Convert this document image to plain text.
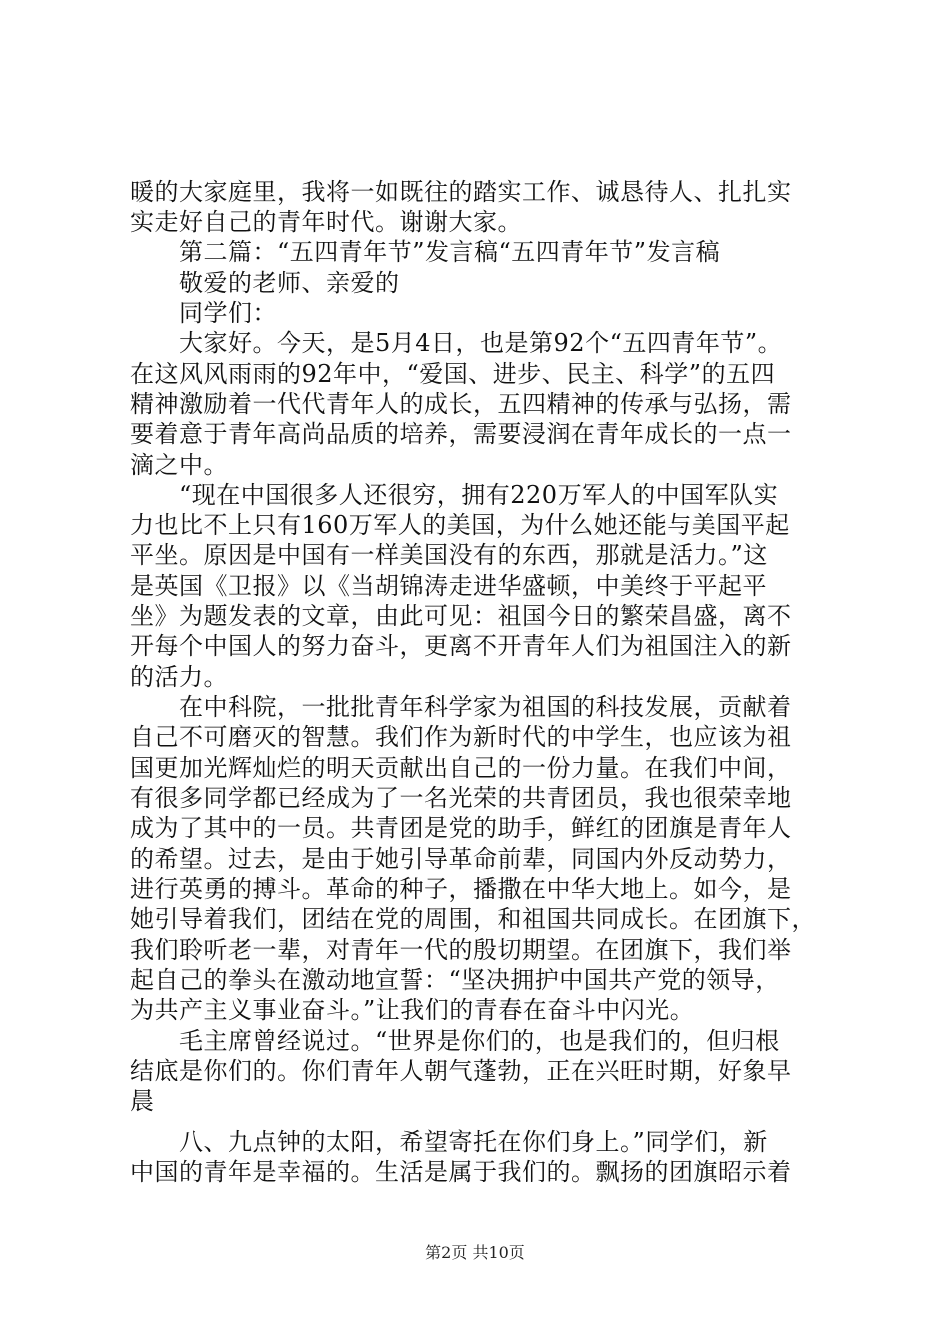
暖的大家庭里，我将一如既往的踏实工作、诚恳待人、扎扎实
实走好自己的青年时代。谢谢大家。
　　第二篇：“五四青年节”发言稿“五四青年节”发言稿
　　敬爱的老师、亲爱的
　　同学们：
　　大家好。今天，是5月4日，也是第92个“五四青年节”。
在这风风雨雨的92年中，“爱国、进步、民主、科学”的五四
精神激励着一代代青年人的成长，五四精神的传承与弘扬，需
要着意于青年高尚品质的培养，需要浸润在青年成长的一点一
滴之中。
　　“现在中国很多人还很穷，拥有220万军人的中国军队实
力也比不上只有160万军人的美国，为什么她还能与美国平起
平坐。原因是中国有一样美国没有的东西，那就是活力。”这
是英国《卫报》以《当胡锦涛走进华盛顿，中美终于平起平
坐》为题发表的文章，由此可见：祖国今日的繁荣昌盛，离不
开每个中国人的努力奋斗，更离不开青年人们为祖国注入的新
的活力。
　　在中科院，一批批青年科学家为祖国的科技发展，贡献着
自己不可磨灭的智慧。我们作为新时代的中学生，也应该为祖
国更加光辉灿烂的明天贡献出自己的一份力量。在我们中间，
有很多同学都已经成为了一名光荣的共青团员，我也很荣幸地
成为了其中的一员。共青团是党的助手，鲜红的团旗是青年人
的希望。过去，是由于她引导革命前辈，同国内外反动势力，
进行英勇的搏斗。革命的种子，播撒在中华大地上。如今，是
她引导着我们，团结在党的周围，和祖国共同成长。在团旗下，
我们聆听老一辈，对青年一代的殷切期望。在团旗下，我们举
起自己的拳头在激动地宣誓：“坚决拥护中国共产党的领导，
为共产主义事业奋斗。”让我们的青春在奋斗中闪光。
　　毛主席曾经说过。“世界是你们的，也是我们的，但归根
结底是你们的。你们青年人朝气蓬勃，正在兴旺时期，好象早
晨
　　八、九点钟的太阳，希望寄托在你们身上。”同学们，新
中国的青年是幸福的。生活是属于我们的。飘扬的团旗昭示着
第2页 共10页
